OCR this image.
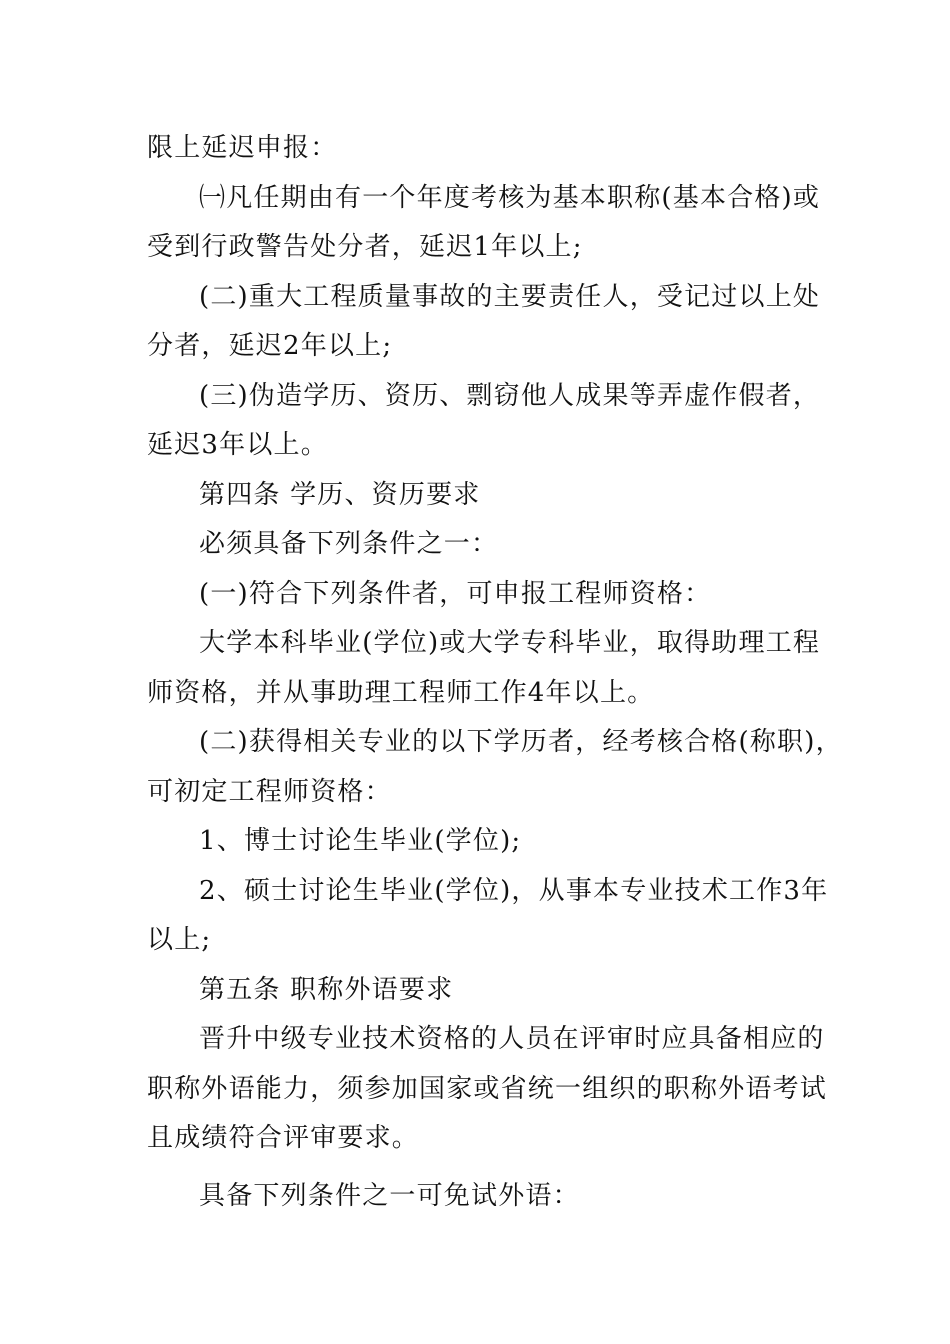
限上延迟申报：
㈠凡任期由有一个年度考核为基本职称(基本合格)或
受到行政警告处分者，延迟1年以上;
(二)重大工程质量事故的主要责任人，受记过以上处
分者，延迟2年以上;
(三)伪造学历、资历、剽窃他人成果等弄虚作假者，
延迟3年以上。
第四条 学历、资历要求
必须具备下列条件之一：
(一)符合下列条件者，可申报工程师资格：
大学本科毕业(学位)或大学专科毕业，取得助理工程
师资格，并从事助理工程师工作4年以上。
(二)获得相关专业的以下学历者，经考核合格(称职)，
可初定工程师资格：
1、博士讨论生毕业(学位);
2、硕士讨论生毕业(学位)，从事本专业技术工作3年
以上;
第五条 职称外语要求
晋升中级专业技术资格的人员在评审时应具备相应的
职称外语能力，须参加国家或省统一组织的职称外语考试
且成绩符合评审要求。
具备下列条件之一可免试外语：
